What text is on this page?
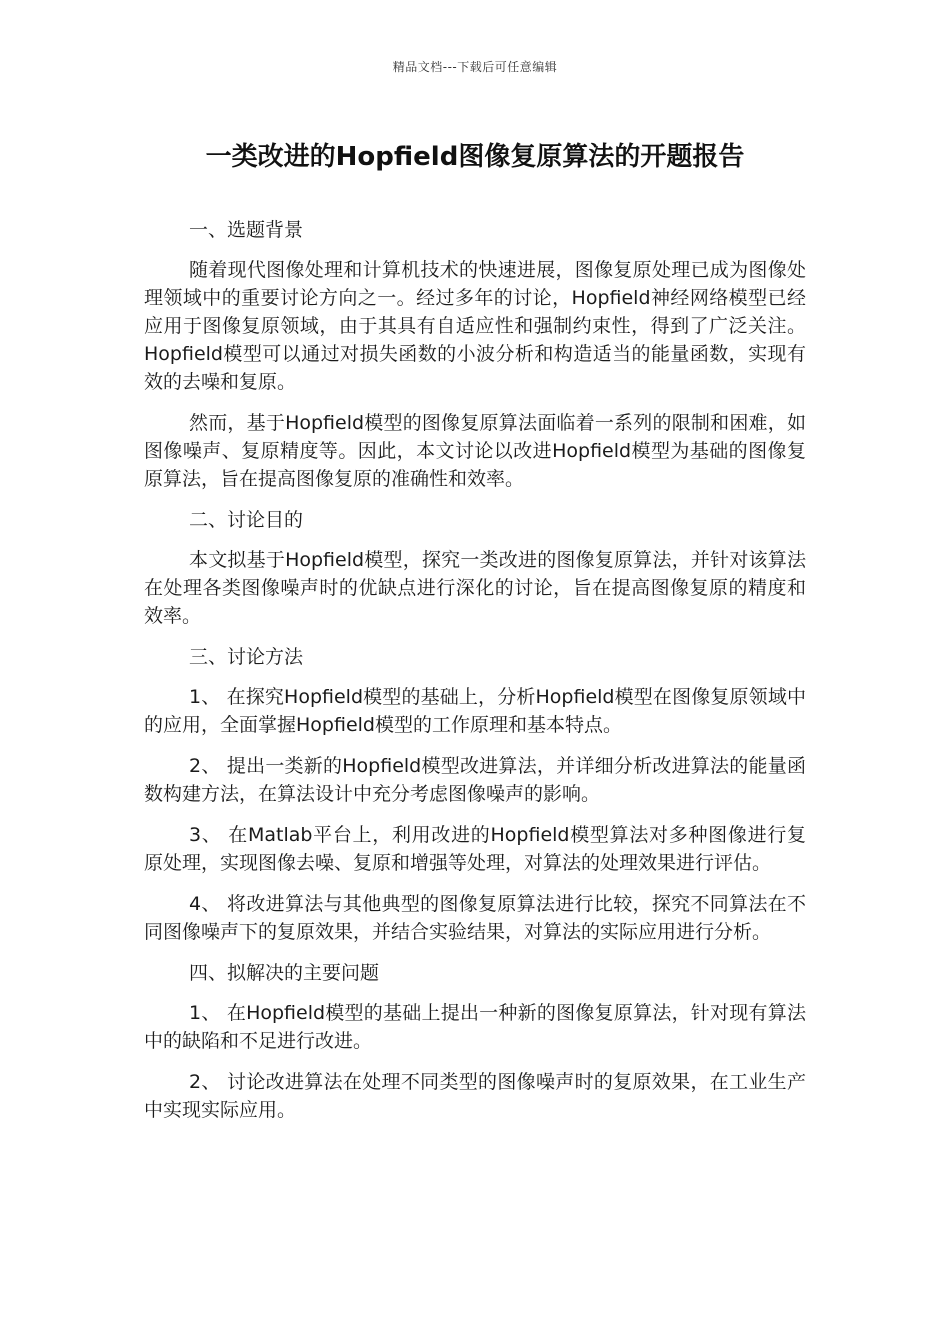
精品文档---下载后可任意编辑
一类改进的Hopfield图像复原算法的开题报告

一、选题背景

随着现代图像处理和计算机技术的快速进展，图像复原处理已成为图像处理领域中的重要讨论方向之一。经过多年的讨论，Hopfield神经网络模型已经应用于图像复原领域，由于其具有自适应性和强制约束性，得到了广泛关注。Hopfield模型可以通过对损失函数的小波分析和构造适当的能量函数，实现有效的去噪和复原。

然而，基于Hopfield模型的图像复原算法面临着一系列的限制和困难，如图像噪声、复原精度等。因此，本文讨论以改进Hopfield模型为基础的图像复原算法，旨在提高图像复原的准确性和效率。

二、讨论目的

本文拟基于Hopfield模型，探究一类改进的图像复原算法，并针对该算法在处理各类图像噪声时的优缺点进行深化的讨论，旨在提高图像复原的精度和效率。

三、讨论方法

1、 在探究Hopfield模型的基础上，分析Hopfield模型在图像复原领域中的应用，全面掌握Hopfield模型的工作原理和基本特点。

2、 提出一类新的Hopfield模型改进算法，并详细分析改进算法的能量函数构建方法，在算法设计中充分考虑图像噪声的影响。

3、 在Matlab平台上，利用改进的Hopfield模型算法对多种图像进行复原处理，实现图像去噪、复原和增强等处理，对算法的处理效果进行评估。

4、 将改进算法与其他典型的图像复原算法进行比较，探究不同算法在不同图像噪声下的复原效果，并结合实验结果，对算法的实际应用进行分析。

四、拟解决的主要问题

1、 在Hopfield模型的基础上提出一种新的图像复原算法，针对现有算法中的缺陷和不足进行改进。

2、 讨论改进算法在处理不同类型的图像噪声时的复原效果，在工业生产中实现实际应用。
